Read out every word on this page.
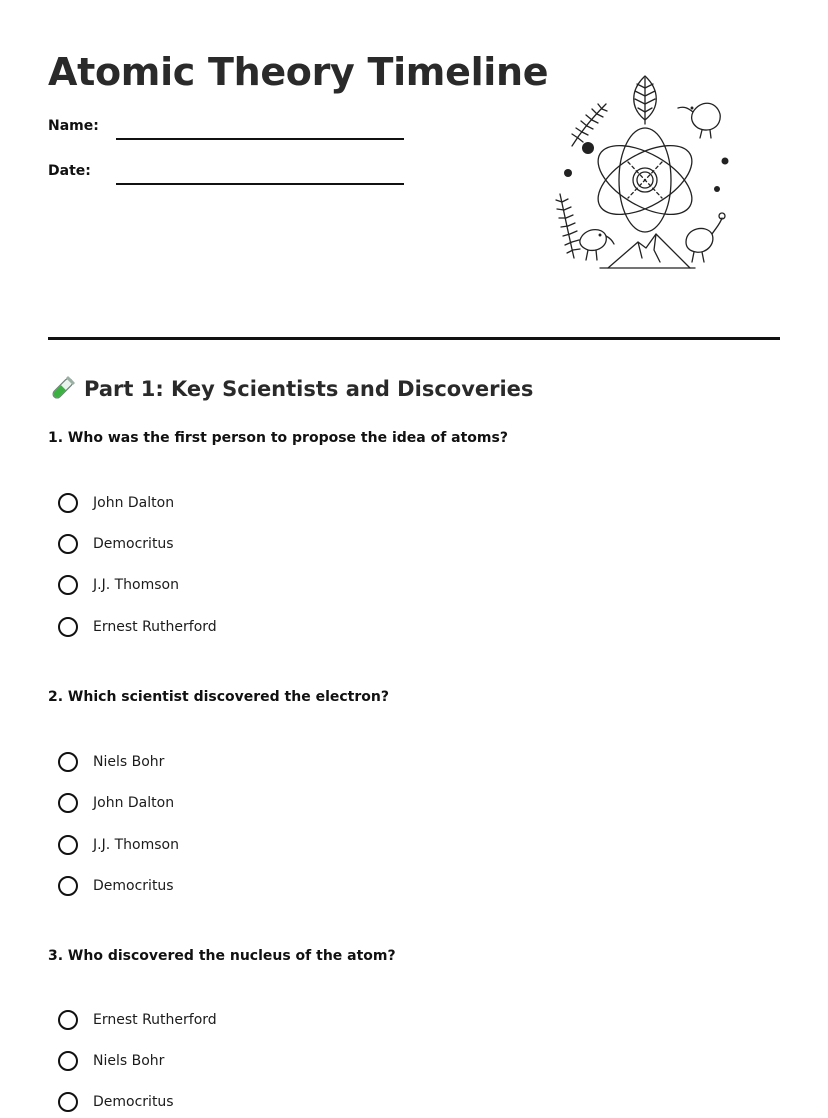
Atomic Theory Timeline
Name:
Date:
Part 1: Key Scientists and Discoveries
1. Who was the first person to propose the idea of atoms?
John Dalton
Democritus
J.J. Thomson
Ernest Rutherford
2. Which scientist discovered the electron?
Niels Bohr
John Dalton
J.J. Thomson
Democritus
3. Who discovered the nucleus of the atom?
Ernest Rutherford
Niels Bohr
Democritus
